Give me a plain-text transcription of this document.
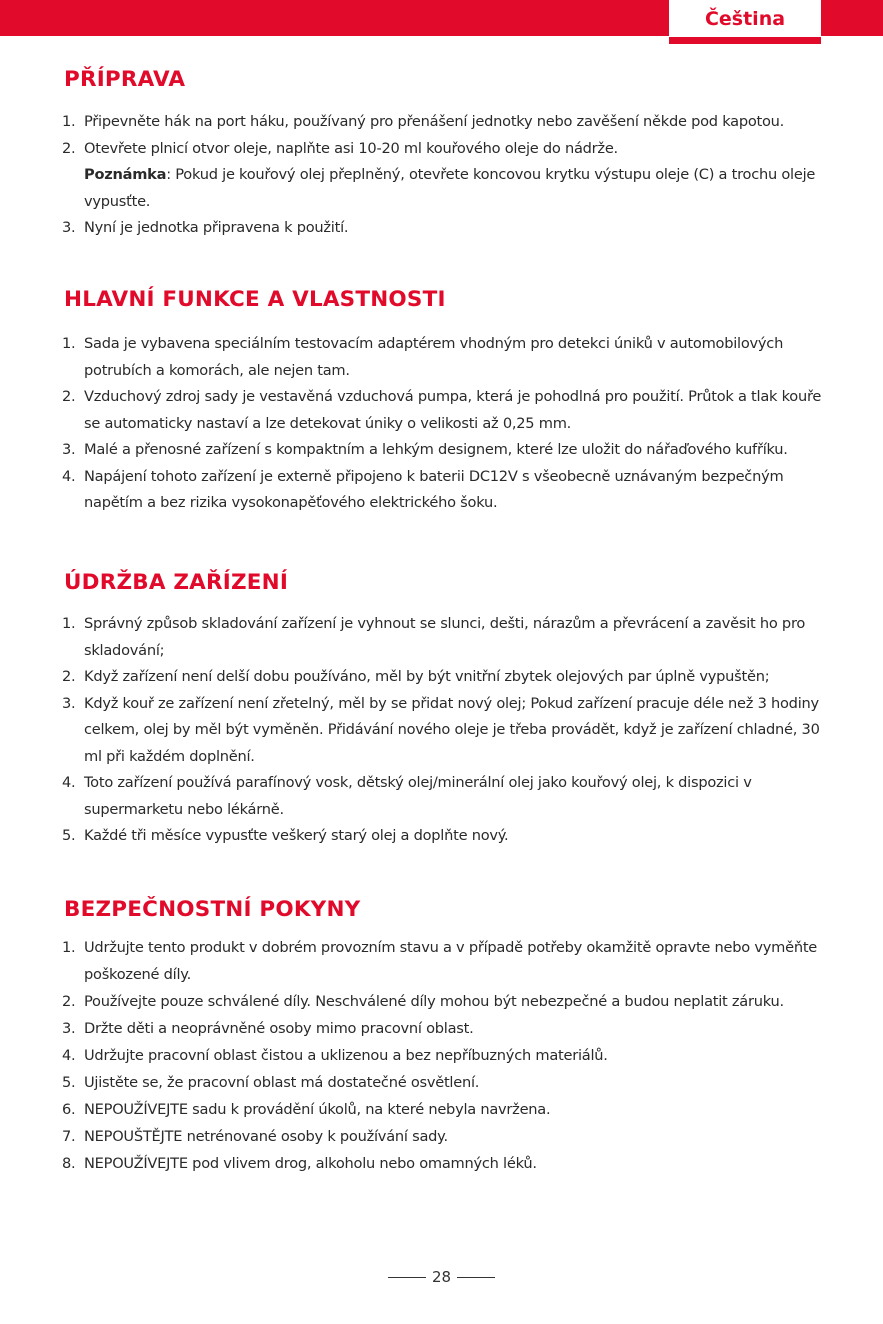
Čeština
PŘÍPRAVA
1. Připevněte hák na port háku, používaný pro přenášení jednotky nebo zavěšení někde pod kapotou.
2. Otevřete plnicí otvor oleje, naplňte asi 10-20 ml kouřového oleje do nádrže.
Poznámka: Pokud je kouřový olej přeplněný, otevřete koncovou krytku výstupu oleje (C) a trochu oleje vypusťte.
3. Nyní je jednotka připravena k použití.
HLAVNÍ FUNKCE A VLASTNOSTI
1. Sada je vybavena speciálním testovacím adaptérem vhodným pro detekci úniků v automobilových potrubích a komorách, ale nejen tam.
2. Vzduchový zdroj sady je vestavěná vzduchová pumpa, která je pohodlná pro použití. Průtok a tlak kouře se automaticky nastaví a lze detekovat úniky o velikosti až 0,25 mm.
3. Malé a přenosné zařízení s kompaktním a lehkým designem, které lze uložit do nářaďového kufříku.
4. Napájení tohoto zařízení je externě připojeno k baterii DC12V s všeobecně uznávaným bezpečným napětím a bez rizika vysokonapěťového elektrického šoku.
ÚDRŽBA ZAŘÍZENÍ
1. Správný způsob skladování zařízení je vyhnout se slunci, dešti, nárazům a převrácení a zavěsit ho pro skladování;
2. Když zařízení není delší dobu používáno, měl by být vnitřní zbytek olejových par úplně vypuštěn;
3. Když kouř ze zařízení není zřetelný, měl by se přidat nový olej; Pokud zařízení pracuje déle než 3 hodiny celkem, olej by měl být vyměněn. Přidávání nového oleje je třeba provádět, když je zařízení chladné, 30 ml při každém doplnění.
4. Toto zařízení používá parafínový vosk, dětský olej/minerální olej jako kouřový olej, k dispozici v supermarketu nebo lékárně.
5. Každé tři měsíce vypusťte veškerý starý olej a doplňte nový.
BEZPEČNOSTNÍ POKYNY
1. Udržujte tento produkt v dobrém provozním stavu a v případě potřeby okamžitě opravte nebo vyměňte poškozené díly.
2. Používejte pouze schválené díly. Neschválené díly mohou být nebezpečné a budou neplatit záruku.
3. Držte děti a neoprávněné osoby mimo pracovní oblast.
4. Udržujte pracovní oblast čistou a uklizenou a bez nepříbuzných materiálů.
5. Ujistěte se, že pracovní oblast má dostatečné osvětlení.
6. NEPOUŽÍVEJTE sadu k provádění úkolů, na které nebyla navržena.
7. NEPOUŠTĚJTE netrénované osoby k používání sady.
8. NEPOUŽÍVEJTE pod vlivem drog, alkoholu nebo omamných léků.
28
